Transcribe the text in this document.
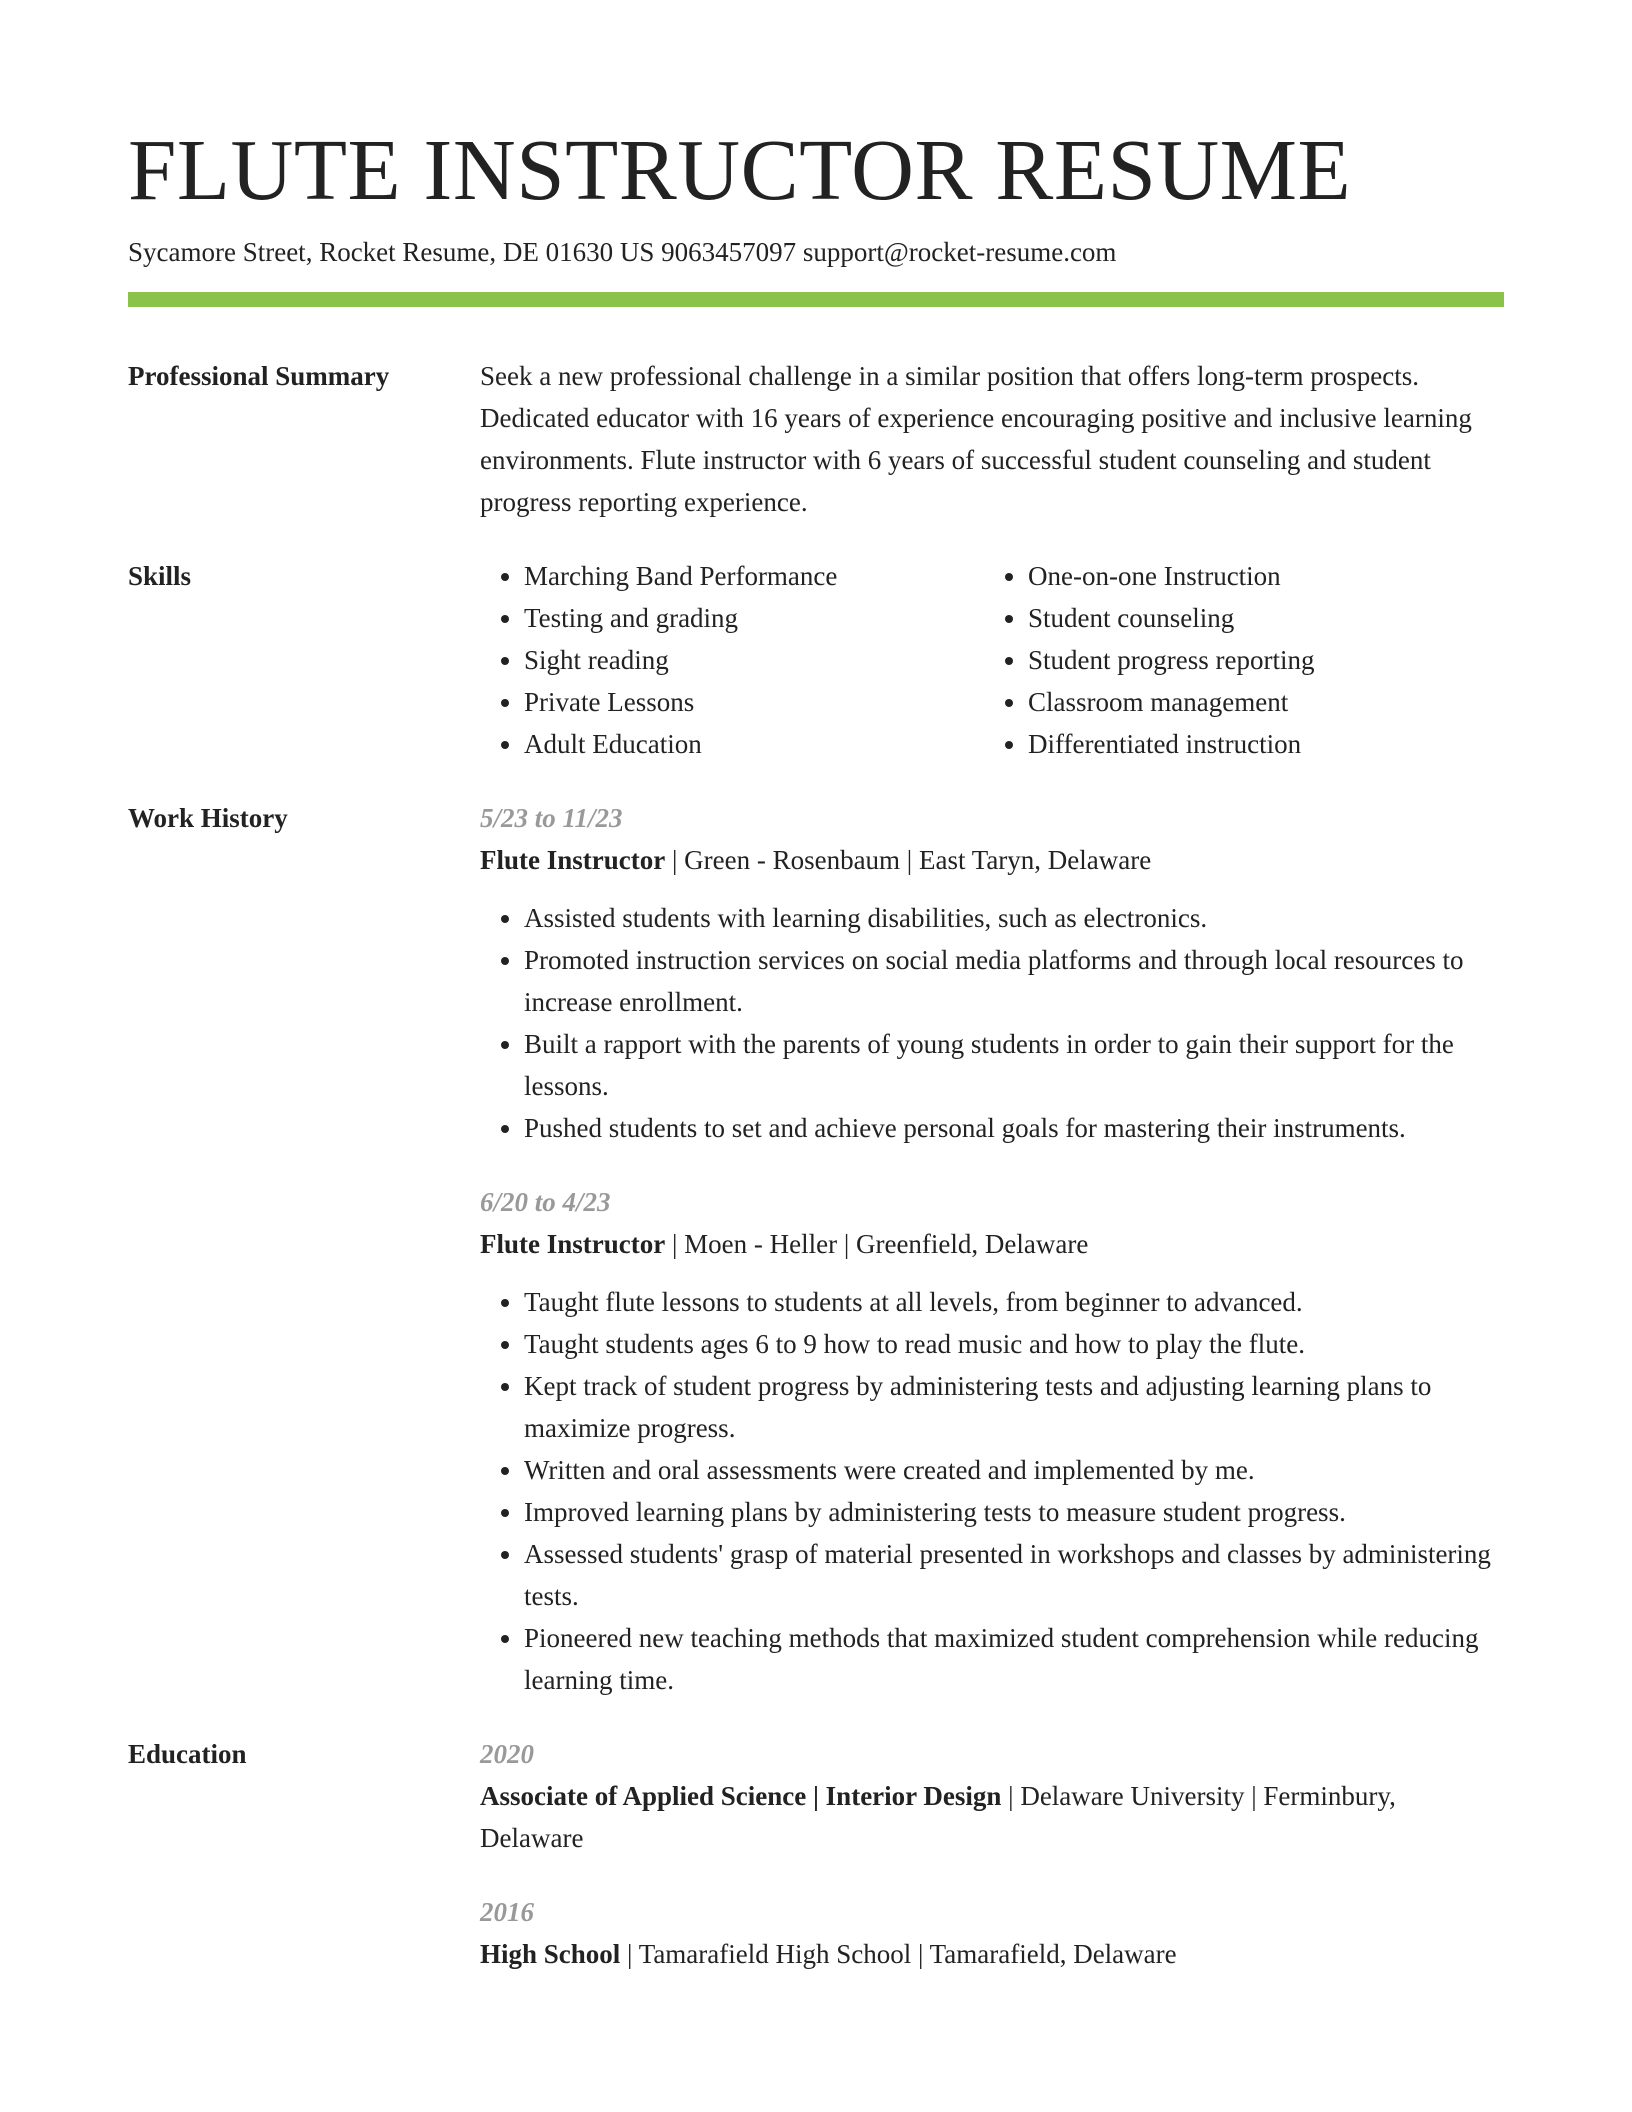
FLUTE INSTRUCTOR RESUME
Sycamore Street, Rocket Resume, DE 01630 US 9063457097 support@rocket-resume.com
Professional Summary	Seek a new professional challenge in a similar position that offers long-term prospects. Dedicated educator with 16 years of experience encouraging positive and inclusive learning environments. Flute instructor with 6 years of successful student counseling and student progress reporting experience.
Skills
•	Marching Band Performance
• Testing and grading
• Sight reading
• Private Lessons
• Adult Education
• One-on-one Instruction
• Student counseling
• Student progress reporting
• Classroom management
• Differentiated instruction
Work History	5/23 to 11/23
Flute Instructor | Green - Rosenbaum | East Taryn, Delaware
• Assisted students with learning disabilities, such as electronics.
• Promoted instruction services on social media platforms and through local resources to increase enrollment.
• Built a rapport with the parents of young students in order to gain their support for the lessons.
• Pushed students to set and achieve personal goals for mastering their instruments.
6/20 to 4/23
Flute Instructor | Moen - Heller | Greenfield, Delaware
• Taught flute lessons to students at all levels, from beginner to advanced.
• Taught students ages 6 to 9 how to read music and how to play the flute.
• Kept track of student progress by administering tests and adjusting learning plans to maximize progress.
• Written and oral assessments were created and implemented by me.
• Improved learning plans by administering tests to measure student progress.
• Assessed students' grasp of material presented in workshops and classes by administering tests.
• Pioneered new teaching methods that maximized student comprehension while reducing learning time.
Education	2020
Associate of Applied Science | Interior Design | Delaware University | Ferminbury, Delaware
2016
High School | Tamarafield High School | Tamarafield, Delaware
